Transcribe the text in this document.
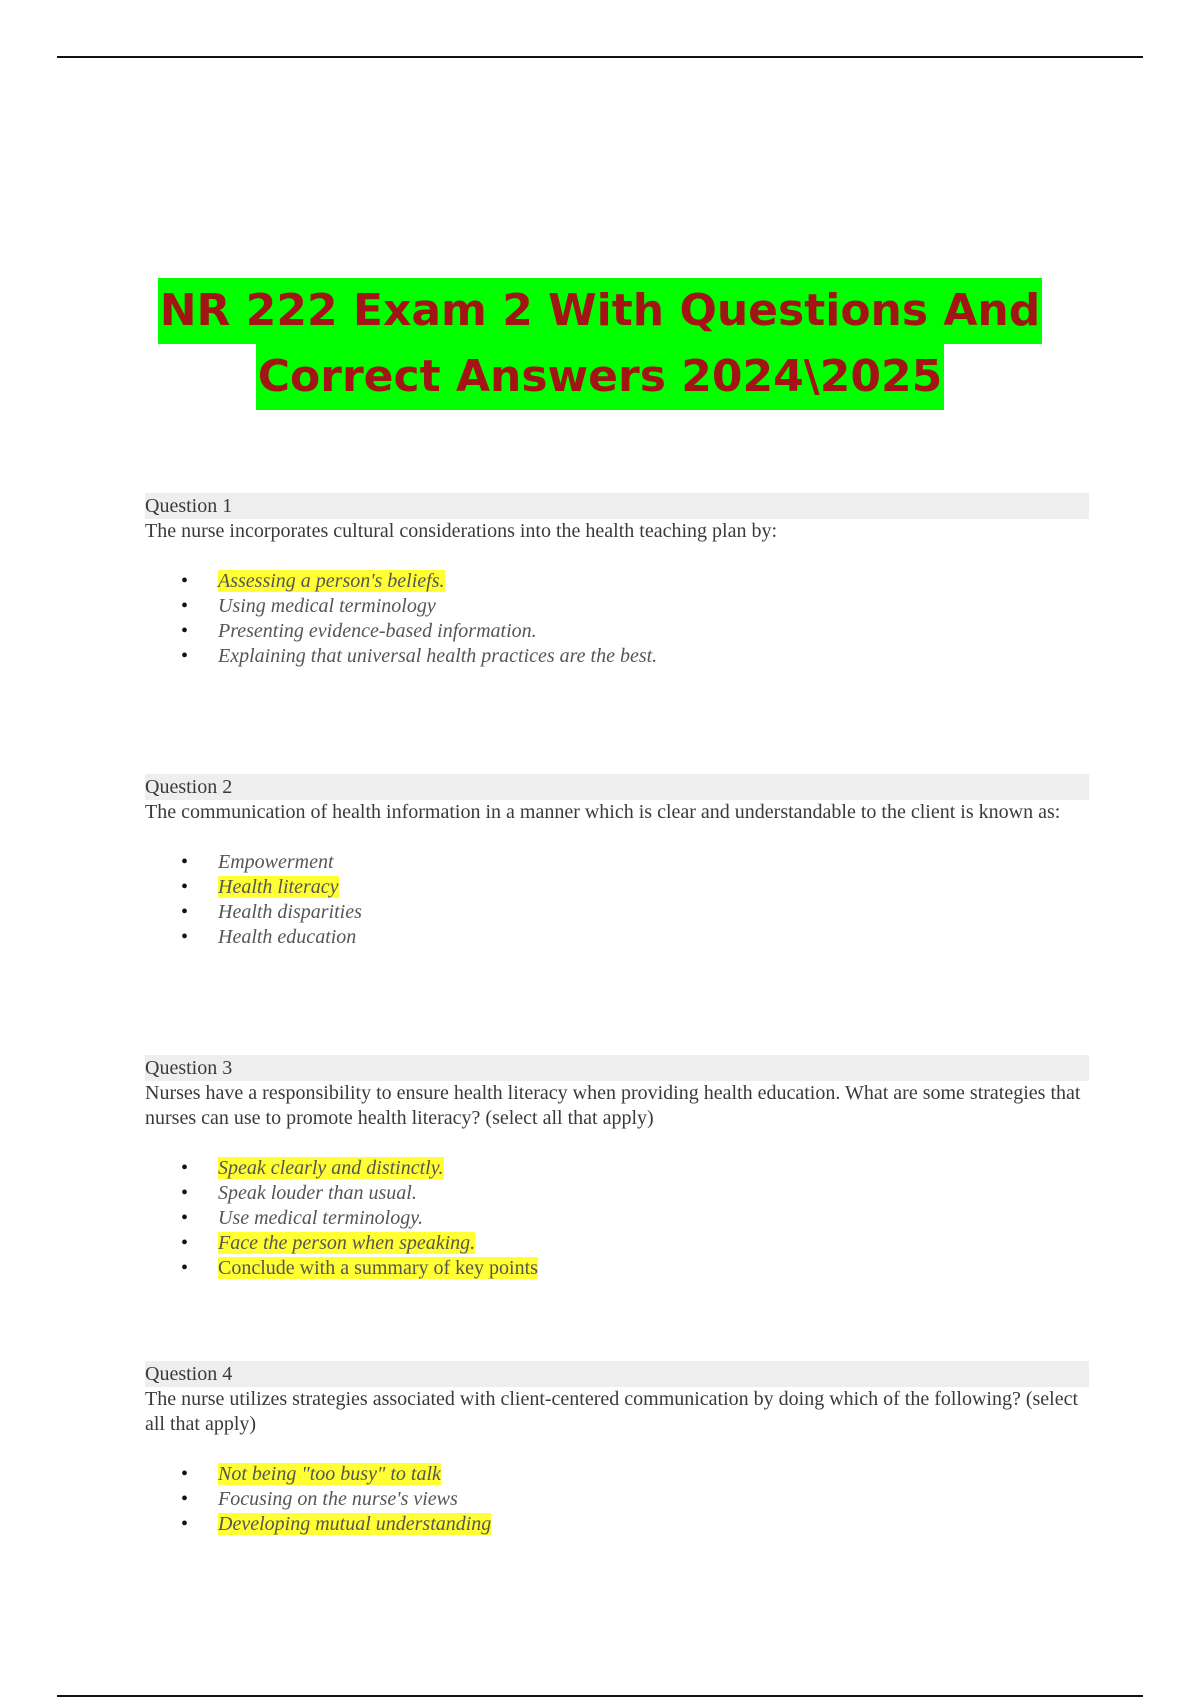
NR 222 Exam 2 With Questions And
Correct Answers 2024\2025
Question 1
The nurse incorporates cultural considerations into the health teaching plan by:
• Assessing a person's beliefs.
• Using medical terminology
• Presenting evidence-based information.
• Explaining that universal health practices are the best.
Question 2
The communication of health information in a manner which is clear and understandable to the client is known as:
• Empowerment
• Health literacy
• Health disparities
• Health education
Question 3
Nurses have a responsibility to ensure health literacy when providing health education. What are some strategies that nurses can use to promote health literacy? (select all that apply)
• Speak clearly and distinctly.
• Speak louder than usual.
• Use medical terminology.
• Face the person when speaking.
• Conclude with a summary of key points
Question 4
The nurse utilizes strategies associated with client-centered communication by doing which of the following? (select all that apply)
• Not being "too busy" to talk
• Focusing on the nurse's views
• Developing mutual understanding
